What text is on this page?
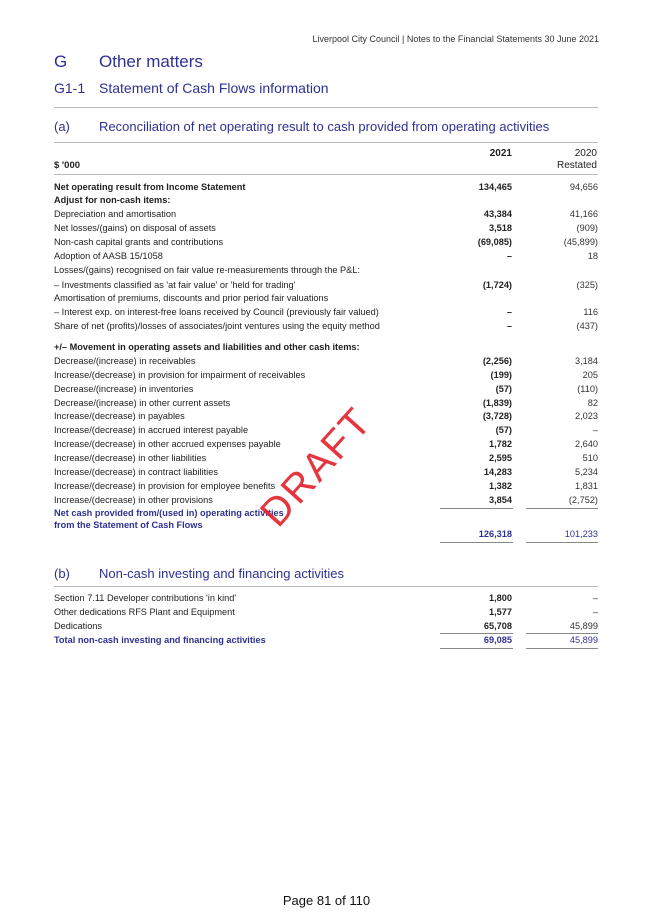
Liverpool City Council | Notes to the Financial Statements 30 June 2021
G Other matters
G1-1 Statement of Cash Flows information
(a) Reconciliation of net operating result to cash provided from operating activities
2021	2020
Restated
$ '000
Net operating result from Income Statement	134,465	94,656
Adjust for non-cash items:
Depreciation and amortisation	43,384	41,166
Net losses/(gains) on disposal of assets	3,518	(909)
Non-cash capital grants and contributions	(69,085)	(45,899)
Adoption of AASB 15/1058	–	18
Losses/(gains) recognised on fair value re-measurements through the P&L:
– Investments classified as 'at fair value' or 'held for trading'	(1,724)	(325)
Amortisation of premiums, discounts and prior period fair valuations
– Interest exp. on interest-free loans received by Council (previously fair valued)	–	116
Share of net (profits)/losses of associates/joint ventures using the equity method	–	(437)
+/– Movement in operating assets and liabilities and other cash items:
Decrease/(increase) in receivables	(2,256)	3,184
Increase/(decrease) in provision for impairment of receivables	(199)	205
Decrease/(increase) in inventories	(57)	(110)
Decrease/(increase) in other current assets	(1,839)	82
Increase/(decrease) in payables	(3,728)	2,023
Increase/(decrease) in accrued interest payable	(57)	–
Increase/(decrease) in other accrued expenses payable	1,782	2,640
Increase/(decrease) in other liabilities	2,595	510
Increase/(decrease) in contract liabilities	14,283	5,234
Increase/(decrease) in provision for employee benefits	1,382	1,831
Increase/(decrease) in other provisions	3,854	(2,752)
Net cash provided from/(used in) operating activities
from the Statement of Cash Flows
126,318	101,233
(b) Non-cash investing and financing activities
Section 7.11 Developer contributions 'in kind'	1,800	–
Other dedications RFS Plant and Equipment	1,577	–
Dedications	65,708	45,899
Total non-cash investing and financing activities	69,085	45,899
DRAFT
Page 81 of 110
